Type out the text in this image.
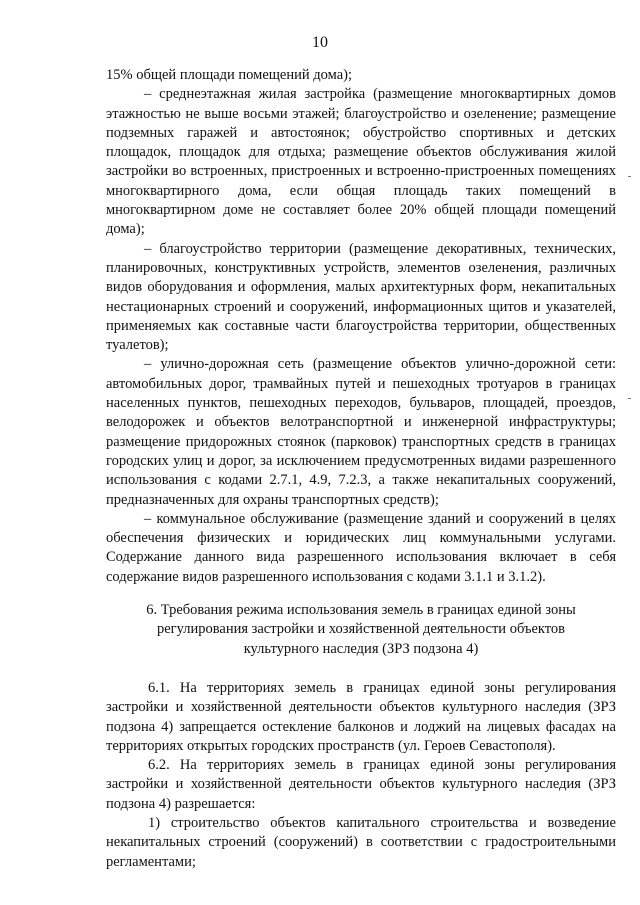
10

15% общей площади помещений дома);

– среднеэтажная жилая застройка (размещение многоквартирных домов этажностью не выше восьми этажей; благоустройство и озеленение; размещение подземных гаражей и автостоянок; обустройство спортивных и детских площадок, площадок для отдыха; размещение объектов обслуживания жилой застройки во встроенных, пристроенных и встроенно-пристроенных помещениях многоквартирного дома, если общая площадь таких помещений в многоквартирном доме не составляет более 20% общей площади помещений дома);

– благоустройство территории (размещение декоративных, технических, планировочных, конструктивных устройств, элементов озеленения, различных видов оборудования и оформления, малых архитектурных форм, некапитальных нестационарных строений и сооружений, информационных щитов и указателей, применяемых как составные части благоустройства территории, общественных туалетов);

– улично-дорожная сеть (размещение объектов улично-дорожной сети: автомобильных дорог, трамвайных путей и пешеходных тротуаров в границах населенных пунктов, пешеходных переходов, бульваров, площадей, проездов, велодорожек и объектов велотранспортной и инженерной инфраструктуры; размещение придорожных стоянок (парковок) транспортных средств в границах городских улиц и дорог, за исключением предусмотренных видами разрешенного использования с кодами 2.7.1, 4.9, 7.2.3, а также некапитальных сооружений, предназначенных для охраны транспортных средств);

– коммунальное обслуживание (размещение зданий и сооружений в целях обеспечения физических и юридических лиц коммунальными услугами. Содержание данного вида разрешенного использования включает в себя содержание видов разрешенного использования с кодами 3.1.1 и 3.1.2).

6. Требования режима использования земель в границах единой зоны регулирования застройки и хозяйственной деятельности объектов культурного наследия (ЗРЗ подзона 4)

6.1. На территориях земель в границах единой зоны регулирования застройки и хозяйственной деятельности объектов культурного наследия (ЗРЗ подзона 4) запрещается остекление балконов и лоджий на лицевых фасадах на территориях открытых городских пространств (ул. Героев Севастополя).

6.2. На территориях земель в границах единой зоны регулирования застройки и хозяйственной деятельности объектов культурного наследия (ЗРЗ подзона 4) разрешается:

1) строительство объектов капитального строительства и возведение некапитальных строений (сооружений) в соответствии с градостроительными регламентами;
